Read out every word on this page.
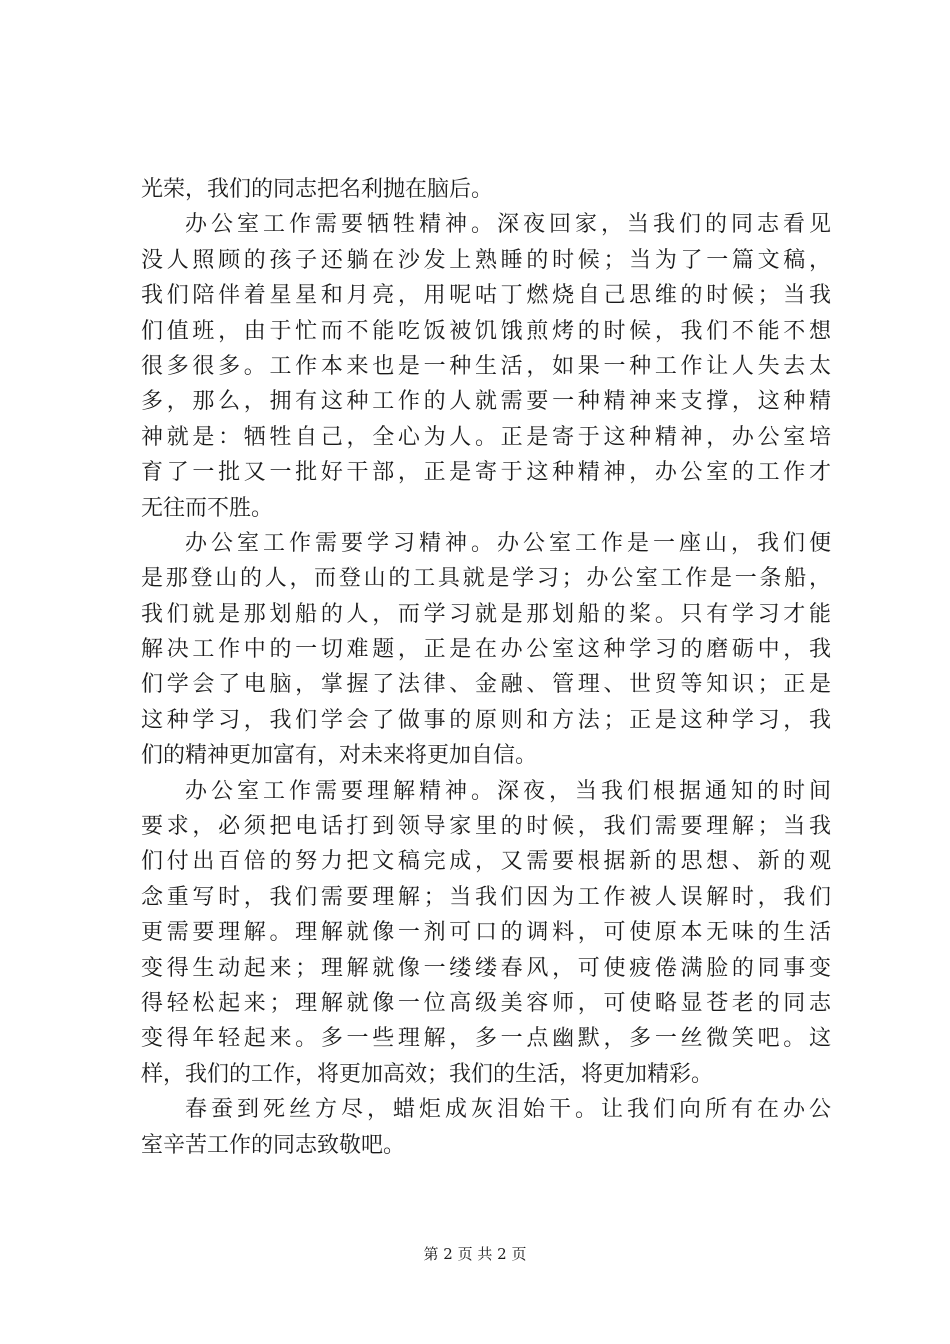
光荣，我们的同志把名利抛在脑后。
办公室工作需要牺牲精神。深夜回家，当我们的同志看见
没人照顾的孩子还躺在沙发上熟睡的时候；当为了一篇文稿，
我们陪伴着星星和月亮，用呢咕丁燃烧自己思维的时候；当我
们值班，由于忙而不能吃饭被饥饿煎烤的时候，我们不能不想
很多很多。工作本来也是一种生活，如果一种工作让人失去太
多，那么，拥有这种工作的人就需要一种精神来支撑，这种精
神就是：牺牲自己，全心为人。正是寄于这种精神，办公室培
育了一批又一批好干部，正是寄于这种精神，办公室的工作才
无往而不胜。
办公室工作需要学习精神。办公室工作是一座山，我们便
是那登山的人，而登山的工具就是学习；办公室工作是一条船，
我们就是那划船的人，而学习就是那划船的桨。只有学习才能
解决工作中的一切难题，正是在办公室这种学习的磨砺中，我
们学会了电脑，掌握了法律、金融、管理、世贸等知识；正是
这种学习，我们学会了做事的原则和方法；正是这种学习，我
们的精神更加富有，对未来将更加自信。
办公室工作需要理解精神。深夜，当我们根据通知的时间
要求，必须把电话打到领导家里的时候，我们需要理解；当我
们付出百倍的努力把文稿完成，又需要根据新的思想、新的观
念重写时，我们需要理解；当我们因为工作被人误解时，我们
更需要理解。理解就像一剂可口的调料，可使原本无味的生活
变得生动起来；理解就像一缕缕春风，可使疲倦满脸的同事变
得轻松起来；理解就像一位高级美容师，可使略显苍老的同志
变得年轻起来。多一些理解，多一点幽默，多一丝微笑吧。这
样，我们的工作，将更加高效；我们的生活，将更加精彩。
春蚕到死丝方尽，蜡炬成灰泪始干。让我们向所有在办公
室辛苦工作的同志致敬吧。
第 2 页 共 2 页
